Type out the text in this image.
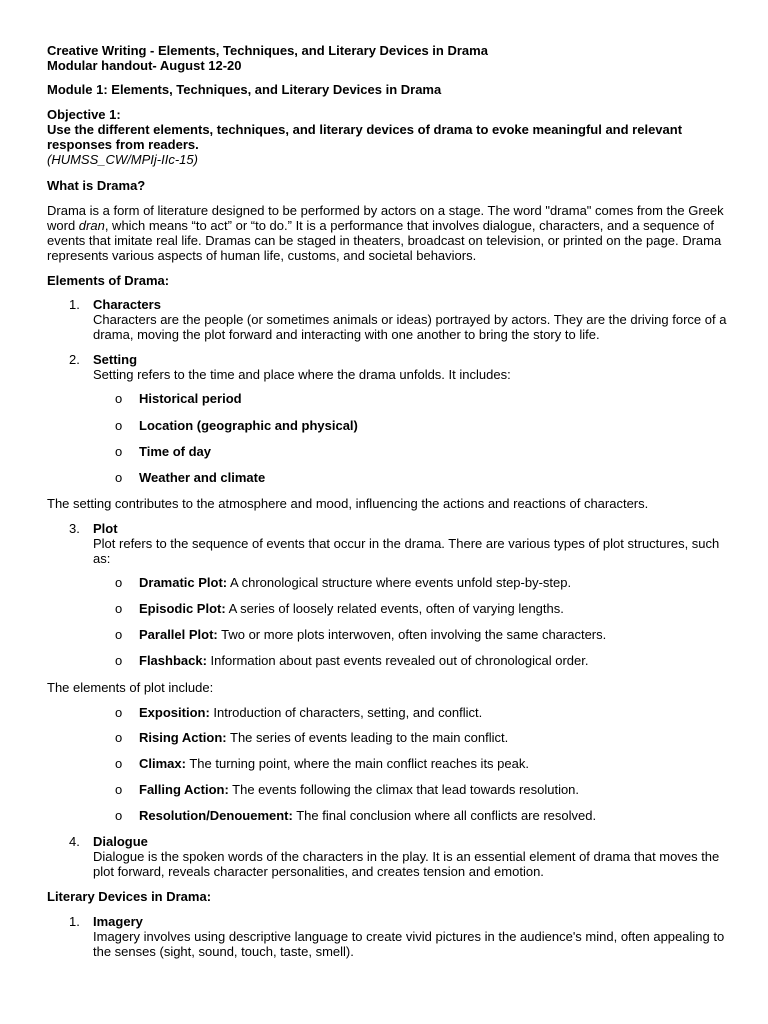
Creative Writing - Elements, Techniques, and Literary Devices in Drama
Modular handout- August 12-20
Module 1: Elements, Techniques, and Literary Devices in Drama
Objective 1:
Use the different elements, techniques, and literary devices of drama to evoke meaningful and relevant responses from readers.
(HUMSS_CW/MPIj-IIc-15)
What is Drama?

Drama is a form of literature designed to be performed by actors on a stage. The word "drama" comes from the Greek word dran, which means “to act” or “to do.” It is a performance that involves dialogue, characters, and a sequence of events that imitate real life. Dramas can be staged in theaters, broadcast on television, or printed on the page. Drama represents various aspects of human life, customs, and societal behaviors.

Elements of Drama:
1. Characters
Characters are the people (or sometimes animals or ideas) portrayed by actors. They are the driving force of a drama, moving the plot forward and interacting with one another to bring the story to life.
2. Setting
Setting refers to the time and place where the drama unfolds. It includes:
o Historical period
o Location (geographic and physical)
o Time of day
o Weather and climate
The setting contributes to the atmosphere and mood, influencing the actions and reactions of characters.
3. Plot
Plot refers to the sequence of events that occur in the drama. There are various types of plot structures, such as:
o Dramatic Plot: A chronological structure where events unfold step-by-step.
o Episodic Plot: A series of loosely related events, often of varying lengths.
o Parallel Plot: Two or more plots interwoven, often involving the same characters.
o Flashback: Information about past events revealed out of chronological order.
The elements of plot include:
o Exposition: Introduction of characters, setting, and conflict.
o Rising Action: The series of events leading to the main conflict.
o Climax: The turning point, where the main conflict reaches its peak.
o Falling Action: The events following the climax that lead towards resolution.
o Resolution/Denouement: The final conclusion where all conflicts are resolved.
4. Dialogue
Dialogue is the spoken words of the characters in the play. It is an essential element of drama that moves the plot forward, reveals character personalities, and creates tension and emotion.
Literary Devices in Drama:
1. Imagery
Imagery involves using descriptive language to create vivid pictures in the audience's mind, often appealing to the senses (sight, sound, touch, taste, smell).
